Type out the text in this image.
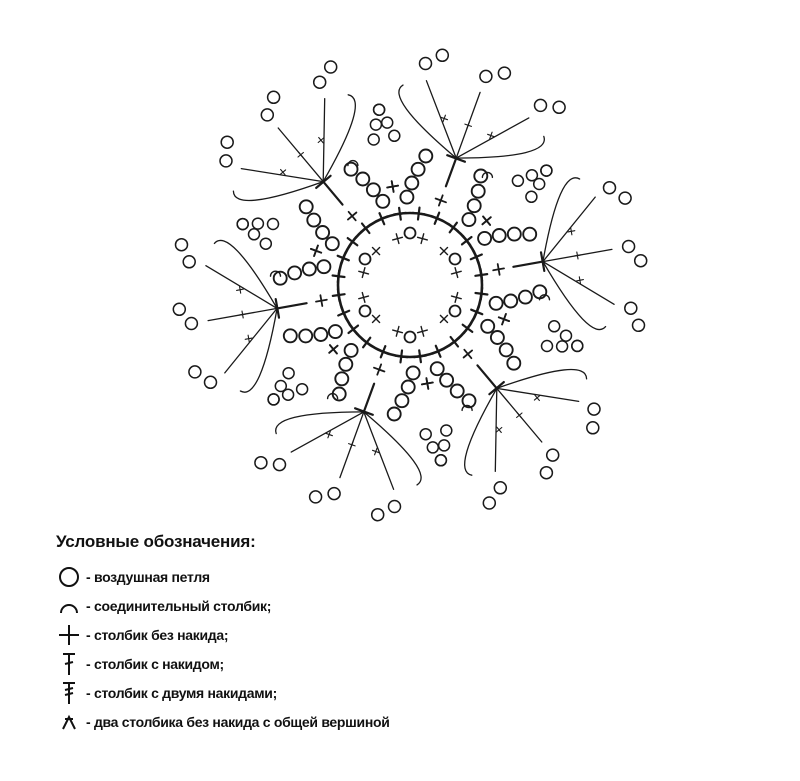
Условные обозначения:
- воздушная петля
- соединительный столбик;
- столбик без накида;
- столбик с накидом;
- столбик с двумя накидами;
- два столбика без накида с общей вершиной
